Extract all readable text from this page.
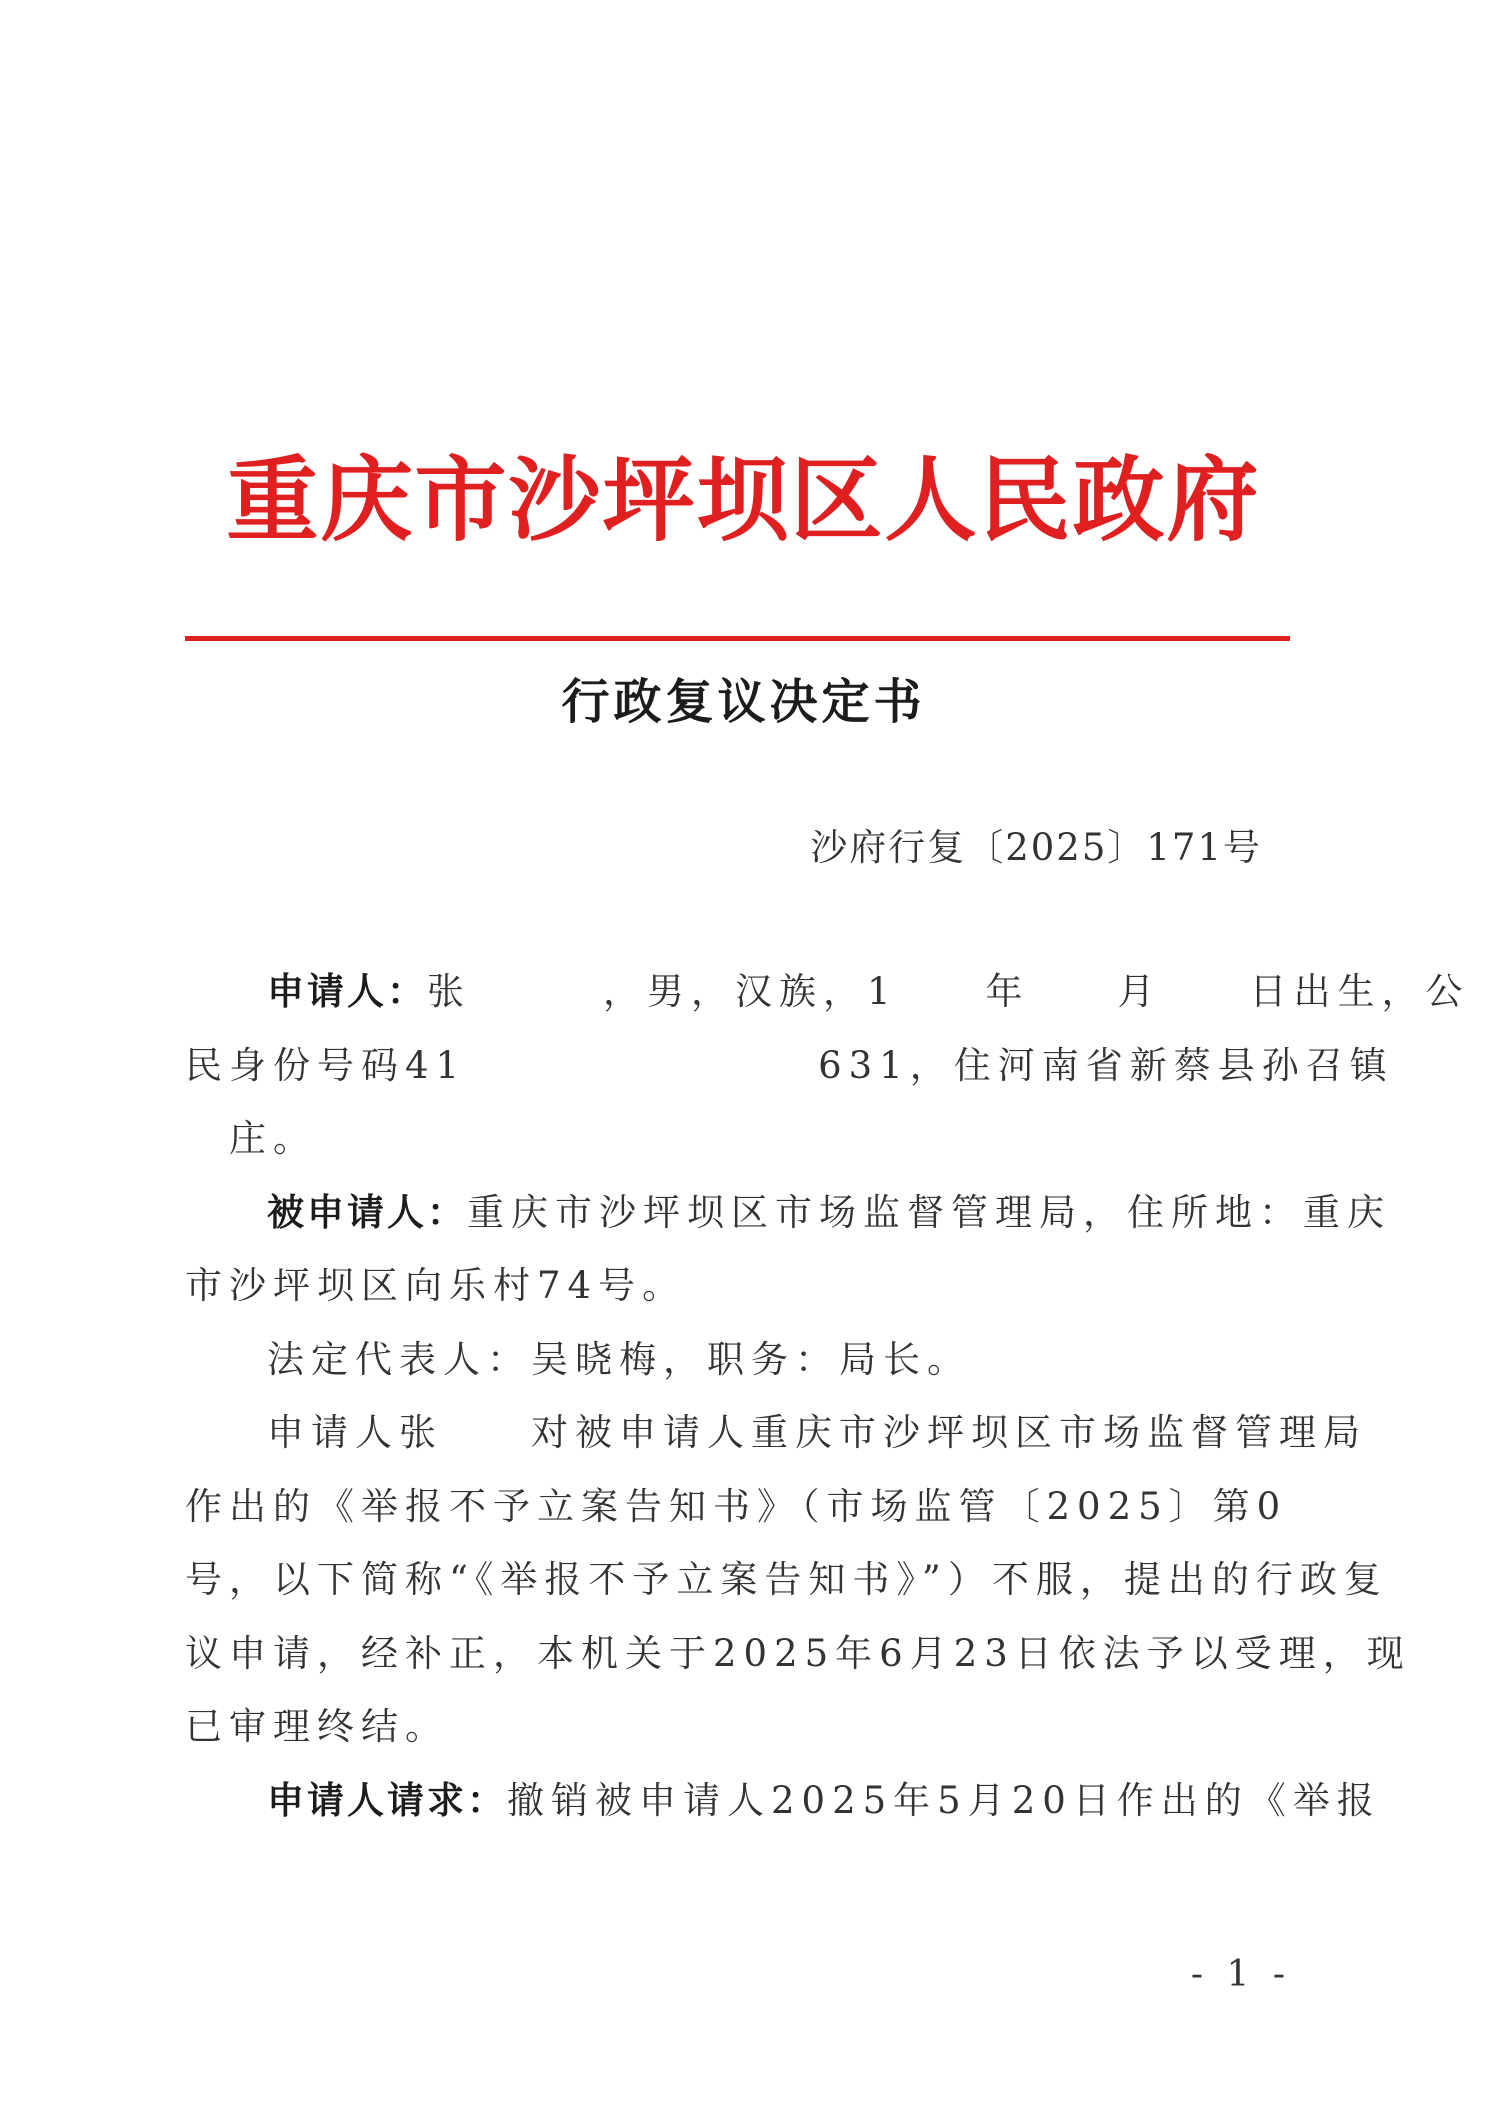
重庆市沙坪坝区人民政府
行政复议决定书
沙府行复〔2025〕171号
申请人：张　　　，男，汉族，1　　年　　月　　日出生，公
民身份号码41　　　　　　　　631，住河南省新蔡县孙召镇
　庄。
被申请人：重庆市沙坪坝区市场监督管理局，住所地：重庆
市沙坪坝区向乐村74号。
法定代表人：吴晓梅，职务：局长。
申请人张　　对被申请人重庆市沙坪坝区市场监督管理局
作出的《举报不予立案告知书》（市场监管〔2025〕第0
号，以下简称“《举报不予立案告知书》”）不服，提出的行政复
议申请，经补正，本机关于2025年6月23日依法予以受理，现
已审理终结。
申请人请求：撤销被申请人2025年5月20日作出的《举报
- 1 -
